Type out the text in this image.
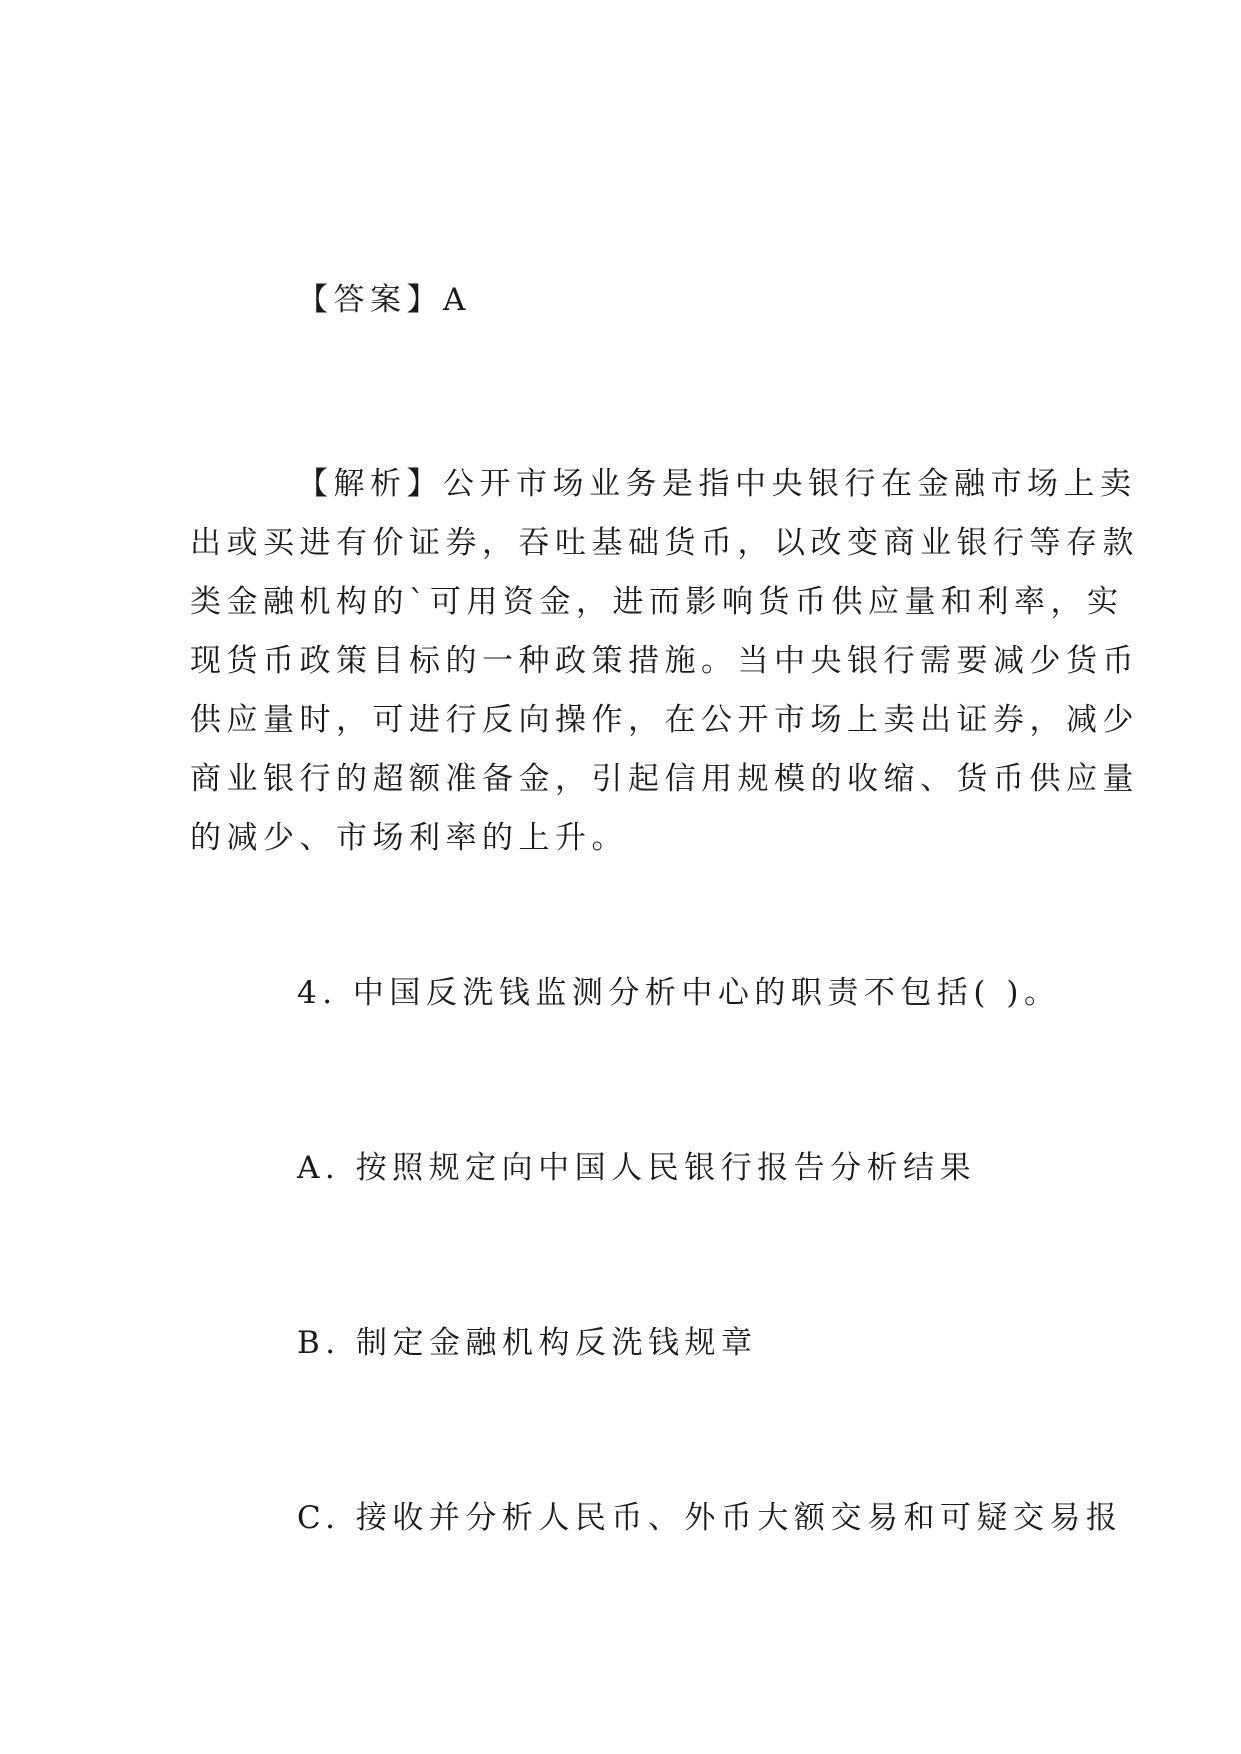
【答案】A
【解析】公开市场业务是指中央银行在金融市场上卖
出或买进有价证券，吞吐基础货币，以改变商业银行等存款
类金融机构的`可用资金，进而影响货币供应量和利率，实
现货币政策目标的一种政策措施。当中央银行需要减少货币
供应量时，可进行反向操作，在公开市场上卖出证券，减少
商业银行的超额准备金，引起信用规模的收缩、货币供应量
的减少、市场利率的上升。
4. 中国反洗钱监测分析中心的职责不包括( )。
A. 按照规定向中国人民银行报告分析结果
B. 制定金融机构反洗钱规章
C. 接收并分析人民币、外币大额交易和可疑交易报
